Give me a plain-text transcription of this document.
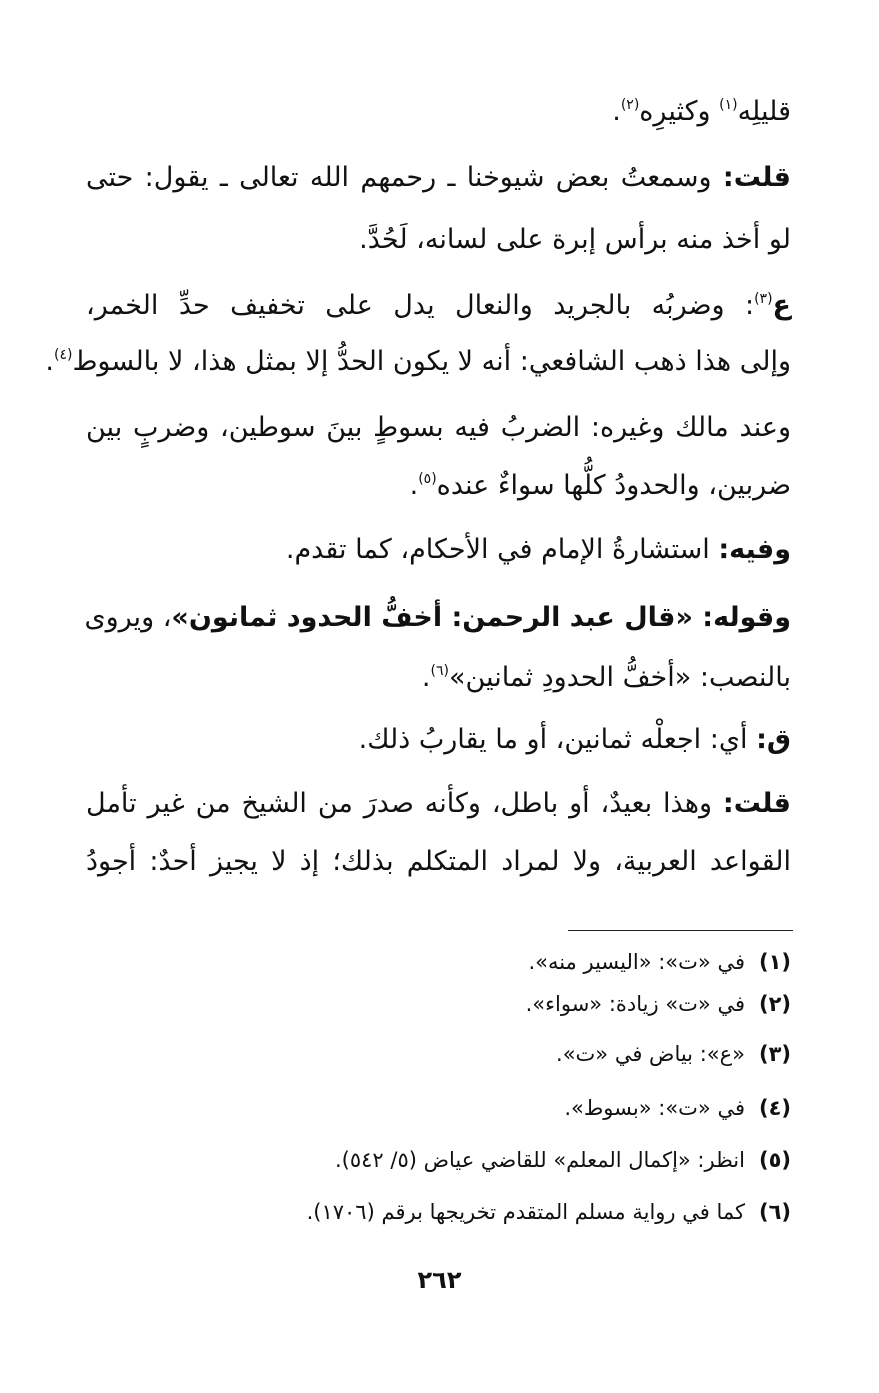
قليلِه$^{(١)}$ وكثيرِه$^{(٢)}$.
قلت: وسمعتُ بعض شيوخنا ـ رحمهم الله تعالى ـ يقول: حتى
لو أخذ منه برأس إبرة على لسانه، لَحُدَّ.
ع$^{(٣)}$: وضربُه بالجريد والنعال يدل على تخفيف حدِّ الخمر،
وإلى هذا ذهب الشافعي: أنه لا يكون الحدُّ إلا بمثل هذا، لا بالسوط$^{(٤)}$.
وعند مالك وغيره: الضربُ فيه بسوطٍ بينَ سوطين، وضربٍ بين
ضربين، والحدودُ كلُّها سواءٌ عنده$^{(٥)}$.
وفيه: استشارةُ الإمام في الأحكام، كما تقدم.
وقوله: «قال عبد الرحمن: أخفُّ الحدود ثمانون»، ويروى
بالنصب: «أخفُّ الحدودِ ثمانين»$^{(٦)}$.
ق: أي: اجعلْه ثمانين، أو ما يقاربُ ذلك.
قلت: وهذا بعيدٌ، أو باطل، وكأنه صدرَ من الشيخ من غير تأمل
القواعد العربية، ولا لمراد المتكلم بذلك؛ إذ لا يجيز أحدٌ: أجودُ
(١)في «ت»: «اليسير منه».
(٢)في «ت» زيادة: «سواء».
(٣)«ع»: بياض في «ت».
(٤)في «ت»: «بسوط».
(٥)انظر: «إكمال المعلم» للقاضي عياض (٥/ ٥٤٢).
(٦)كما في رواية مسلم المتقدم تخريجها برقم (١٧٠٦).
٢٦٢
